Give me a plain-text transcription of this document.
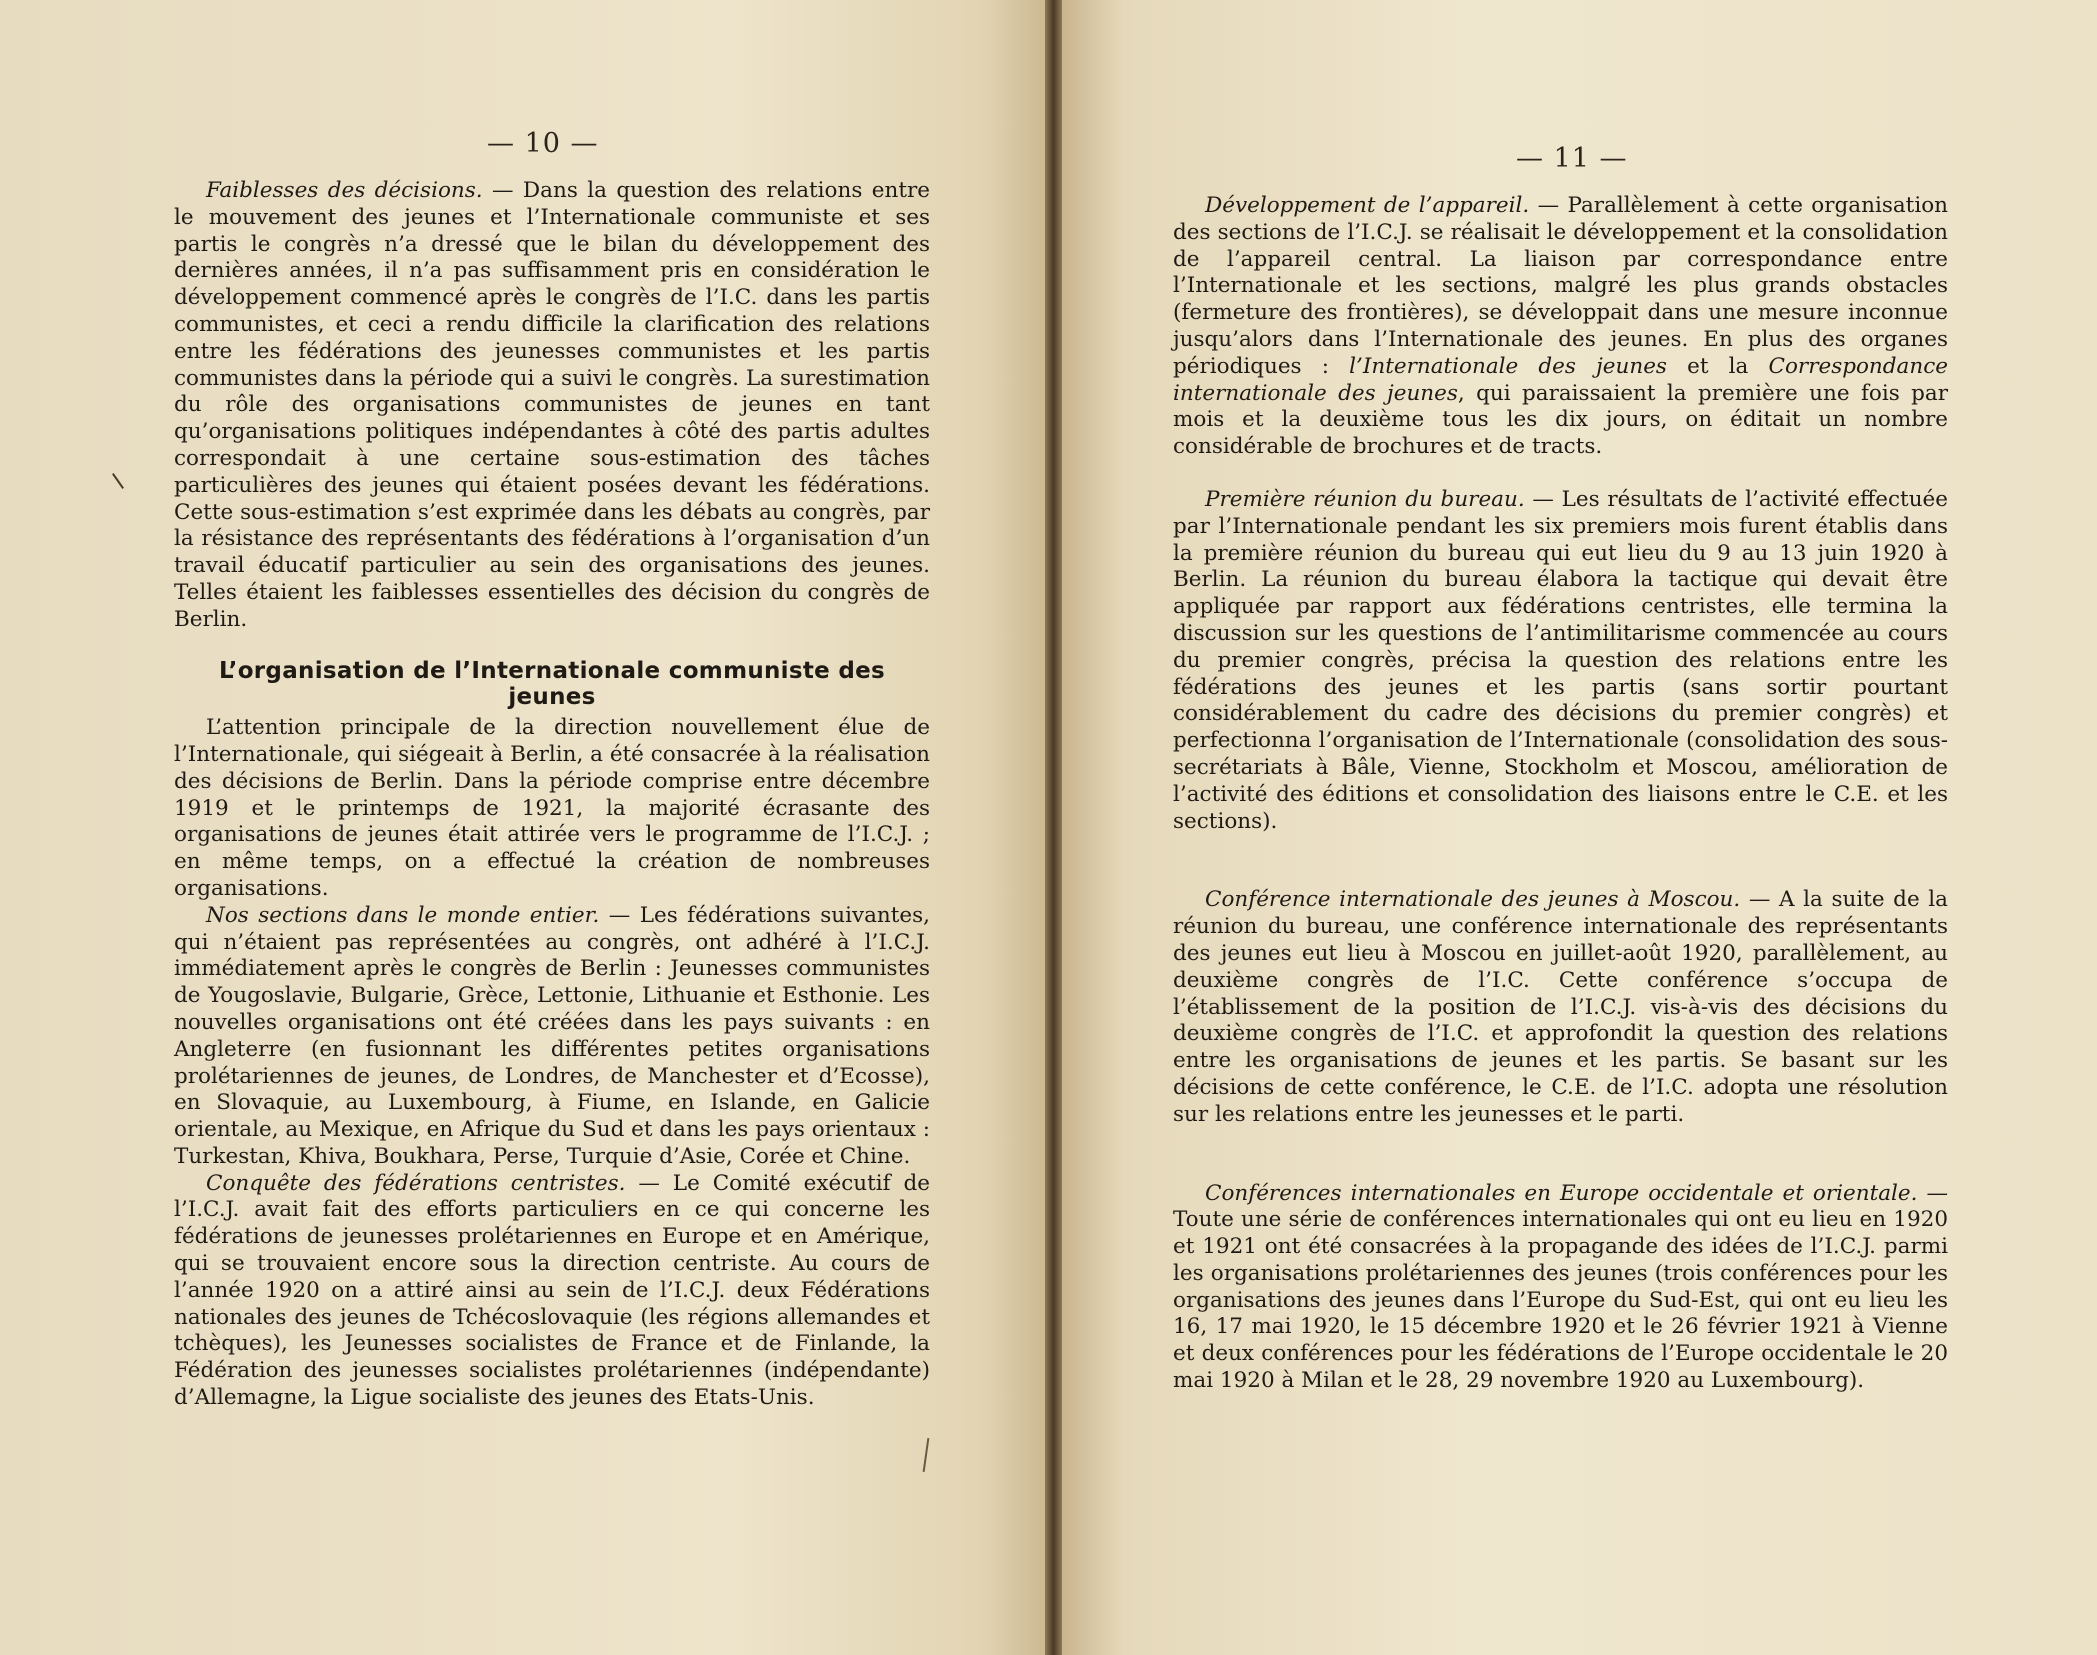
— 10 —

Faiblesses des décisions. — Dans la question des relations entre le mouvement des jeunes et l’Internationale communiste et ses partis le congrès n’a dressé que le bilan du développement des dernières années, il n’a pas suffisamment pris en considération le développement commencé après le congrès de l’I.C. dans les partis communistes, et ceci a rendu difficile la clarification des relations entre les fédérations des jeunesses communistes et les partis communistes dans la période qui a suivi le congrès. La surestimation du rôle des organisations communistes de jeunes en tant qu’organisations politiques indépendantes à côté des partis adultes correspondait à une certaine sous-estimation des tâches particulières des jeunes qui étaient posées devant les fédérations. Cette sous-estimation s’est exprimée dans les débats au congrès, par la résistance des représentants des fédérations à l’organisation d’un travail éducatif particulier au sein des organisations des jeunes. Telles étaient les faiblesses essentielles des décision du congrès de Berlin.

L’organisation de l’Internationale communiste des jeunes

L’attention principale de la direction nouvellement élue de l’Internationale, qui siégeait à Berlin, a été consacrée à la réalisation des décisions de Berlin. Dans la période comprise entre décembre 1919 et le printemps de 1921, la majorité écrasante des organisations de jeunes était attirée vers le programme de l’I.C.J. ; en même temps, on a effectué la création de nombreuses organisations.

Nos sections dans le monde entier. — Les fédérations suivantes, qui n’étaient pas représentées au congrès, ont adhéré à l’I.C.J. immédiatement après le congrès de Berlin : Jeunesses communistes de Yougoslavie, Bulgarie, Grèce, Lettonie, Lithuanie et Esthonie. Les nouvelles organisations ont été créées dans les pays suivants : en Angleterre (en fusionnant les différentes petites organisations prolétariennes de jeunes, de Londres, de Manchester et d’Ecosse), en Slovaquie, au Luxembourg, à Fiume, en Islande, en Galicie orientale, au Mexique, en Afrique du Sud et dans les pays orientaux : Turkestan, Khiva, Boukhara, Perse, Turquie d’Asie, Corée et Chine.

Conquête des fédérations centristes. — Le Comité exécutif de l’I.C.J. avait fait des efforts particuliers en ce qui concerne les fédérations de jeunesses prolétariennes en Europe et en Amérique, qui se trouvaient encore sous la direction centriste. Au cours de l’année 1920 on a attiré ainsi au sein de l’I.C.J. deux Fédérations nationales des jeunes de Tchécoslovaquie (les régions allemandes et tchèques), les Jeunesses socialistes de France et de Finlande, la Fédération des jeunesses socialistes prolétariennes (indépendante) d’Allemagne, la Ligue socialiste des jeunes des Etats-Unis.

— 11 —

Développement de l’appareil. — Parallèlement à cette organisation des sections de l’I.C.J. se réalisait le développement et la consolidation de l’appareil central. La liaison par correspondance entre l’Internationale et les sections, malgré les plus grands obstacles (fermeture des frontières), se développait dans une mesure inconnue jusqu’alors dans l’Internationale des jeunes. En plus des organes périodiques : l’Internationale des jeunes et la Correspondance internationale des jeunes, qui paraissaient la première une fois par mois et la deuxième tous les dix jours, on éditait un nombre considérable de brochures et de tracts.

Première réunion du bureau. — Les résultats de l’activité effectuée par l’Internationale pendant les six premiers mois furent établis dans la première réunion du bureau qui eut lieu du 9 au 13 juin 1920 à Berlin. La réunion du bureau élabora la tactique qui devait être appliquée par rapport aux fédérations centristes, elle termina la discussion sur les questions de l’antimilitarisme commencée au cours du premier congrès, précisa la question des relations entre les fédérations des jeunes et les partis (sans sortir pourtant considérablement du cadre des décisions du premier congrès) et perfectionna l’organisation de l’Internationale (consolidation des sous-secrétariats à Bâle, Vienne, Stockholm et Moscou, amélioration de l’activité des éditions et consolidation des liaisons entre le C.E. et les sections).

Conférence internationale des jeunes à Moscou. — A la suite de la réunion du bureau, une conférence internationale des représentants des jeunes eut lieu à Moscou en juillet-août 1920, parallèlement, au deuxième congrès de l’I.C. Cette conférence s’occupa de l’établissement de la position de l’I.C.J. vis-à-vis des décisions du deuxième congrès de l’I.C. et approfondit la question des relations entre les organisations de jeunes et les partis. Se basant sur les décisions de cette conférence, le C.E. de l’I.C. adopta une résolution sur les relations entre les jeunesses et le parti.

Conférences internationales en Europe occidentale et orientale. — Toute une série de conférences internationales qui ont eu lieu en 1920 et 1921 ont été consacrées à la propagande des idées de l’I.C.J. parmi les organisations prolétariennes des jeunes (trois conférences pour les organisations des jeunes dans l’Europe du Sud-Est, qui ont eu lieu les 16, 17 mai 1920, le 15 décembre 1920 et le 26 février 1921 à Vienne et deux conférences pour les fédérations de l’Europe occidentale le 20 mai 1920 à Milan et le 28, 29 novembre 1920 au Luxembourg).
